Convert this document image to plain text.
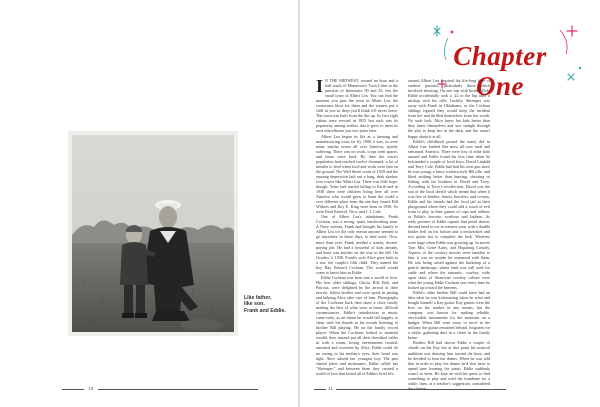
Like father,
like son.
Frank and Eddie.
10
Chapter One

I N THE MIDWEST, around an hour and a half south of Minnesota's Twin Cities at the junction of Interstates 90 and 35, lies the small town of Albert Lea. You can find the moment you pass the town in Albert Lea, the westerners blow for them and the winters put a chill in you so deep you'll think it'll never leave. The town was built from the dirt up. Its first eight cabins were erected in 1855 but such was its popularity among settlers that it grew to meet its own schoolhouse just two years later.

Albert Lea began its life as a farming and manufacturing town for by 1900 it was, as were many similar towns all over America, quietly suffering. There was no work, crops went sparse, and times were hard. By then the town's population had reached twelve thousand, a lot of mouths to feed when food and work were thin on the ground. The Wall Street crash of 1929 and the ensuing depression laid out a long, dark shadow over towns like Albert Lea. There was little hope, though. Years had started falling to Earth and in 1938 there were children living here all over America who would grow to learn the world a very different place from the one they found. Bill Withers and Roy E. King were born in 1938. So were Emil Knievel, Nico, and J. J. Cale.

One of Albert Lea's inhabitants, Frank Cochran, was a strong, quiet, hardworking man. A Navy veteran, Frank had brought his family to Albert Lea for the only reason anyone seemed to go anywhere in those days, to find work. Now, more than ever, Frank needed a steady, decent-paying job. He had a houseful of kids already, and there was another on the way in the fall. On October 3, 1938, Frank's wife Alice gave birth to a son, the couple's fifth child. They named the boy Ray Edward Cochran. The world would come to know him as Eddie.

Eddie Cochran was born into a world of love. His four older siblings, Gloria, Bill, Bob, and Patricia, were delighted by the arrival of their newest, littlest brother and were quick in petting and helping Alice take care of him. Photographs of the Cochrans back then show a close family making the best of what were at times, difficult circumstances. Eddie's introduction to music came early, as an infant he would fall happily to sleep with his thumb in his mouth listening to brother Bill playing. He on the family record player. When the Cochrans looked to material wealth, they instead put all their cherished trifles in with a warm, loving environment created, nurtured and overseen by Alice. Eddie could do no wrong in his mother's eyes, their bond was tight. Alice adored her youngest boy. The pair shared jokes and nicknames, Eddie called her "Shrimper," and between them they created a world of love that lasted all of Eddie's brief life.

around Albert Lea inspired his life-long love of outdoor pursuits, particularly those which involved shooting. On one trip with brother Bob, Eddie accidentally took a .22 to the hip after a mishap with his rifle. Luckily, Shrimper was away with Frank in Oklahoma, so the Cochran siblings figured they would keep the incident from her and thrilled themselves from her wrath. No such luck. Alice knew her kids better than they knew themselves and saw straight through the plot to keep her in the dark, and the wasn't happy about it at all.

Eddie's childhood passed the many did in Albert Lea, Indeed like most all over rural and semirural America. There were lots of other kids around and Eddie found his first time when he befriended a couple of local boys, David Lindahl and Terry Cole. Eddie had had his own gun since he was young, a fancy western style BB rifle, and liked nothing better than hunting, shooting or fishing with his brothers or David and Terry. According to Terry's recollection, David was the son of the local sheriff which meant that when it was free of fenders, fences, brawlers, and crowns, Eddie and his friends had the local jail as their playground where they could add a touch of evil from to play in their games of cops and robbers or Eddie's favorite, cowboys and Indians. As early pictures of Eddie capture him pistol drawn, dressed head to toe in western wear with a double holder belt on his holster and a neckerchief and two guitar hat to complete the look. Westerns were huge when Eddie was growing up. In movie Tom Mix, Gene Autry, and Hopalong Cassidy. Aspects of the cowboy movies were familiar to him, it was no wonder he connected with them. He was being raised against the backdrop of a prairie landscape, where land was still used for cattle and where the romantic, cowboy, wide open skies of American cowboy culture were what the young Eddie Cochran saw every time he looked up toward the heavens.

Eddie's older brother Bill could have had an idea what he was kickstarting when he went and bought himself a Kay guitar. Kay guitars were the best on the market in any means, but the company was known for making reliable, serviceable instruments for the musician on a budget. When Bill went away to serve in the military the guitar remained behind, forgotten for a while, gathering dust in a closet in the family home.

Brother Bill had shown Eddie a couple of chords on the Kay but at that point his musical ambition was drawing him toward the horn, and he decided to lean the drums. When he was told that in order to play the drums he'd first have to spend time learning the piano, Eddie suddenly wasn't so keen. He kept on with his quest to find something to play and tried the trombone for a while, then, at a teacher's suggestion, considered

11
